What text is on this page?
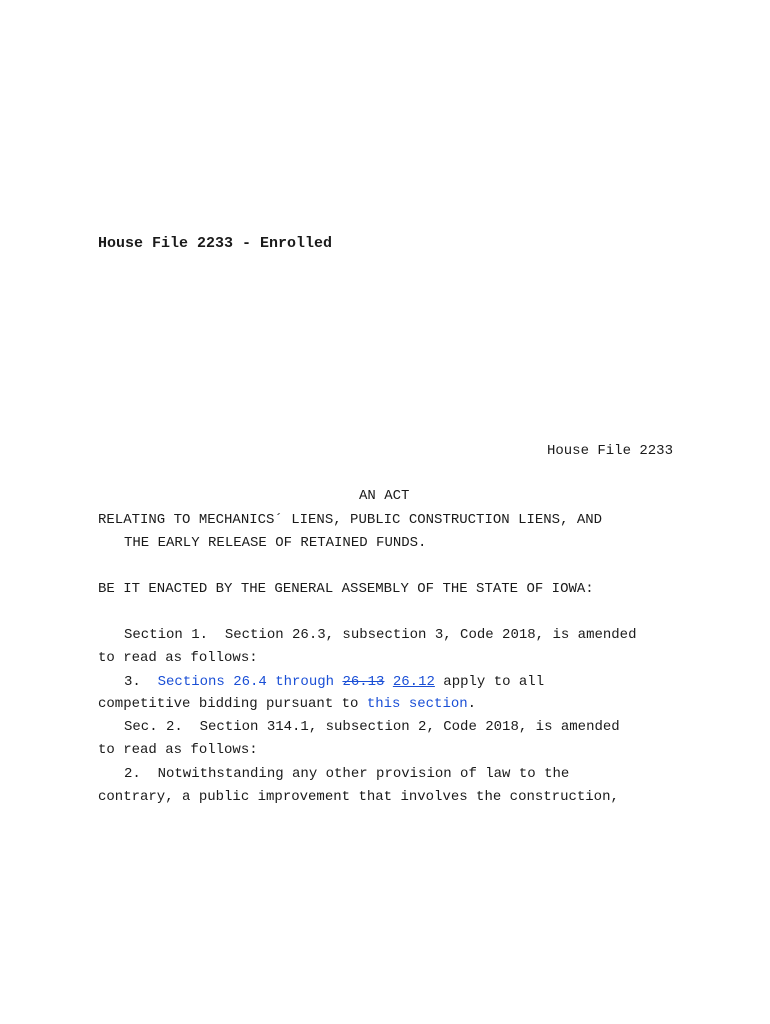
House File 2233 - Enrolled
House File 2233
AN ACT
RELATING TO MECHANICS´ LIENS, PUBLIC CONSTRUCTION LIENS, AND
THE EARLY RELEASE OF RETAINED FUNDS.
BE IT ENACTED BY THE GENERAL ASSEMBLY OF THE STATE OF IOWA:
Section 1.  Section 26.3, subsection 3, Code 2018, is amended
to read as follows:
3.  Sections 26.4 through 26.13 26.12 apply to all
competitive bidding pursuant to this section.
Sec. 2.  Section 314.1, subsection 2, Code 2018, is amended
to read as follows:
2.  Notwithstanding any other provision of law to the
contrary, a public improvement that involves the construction,
